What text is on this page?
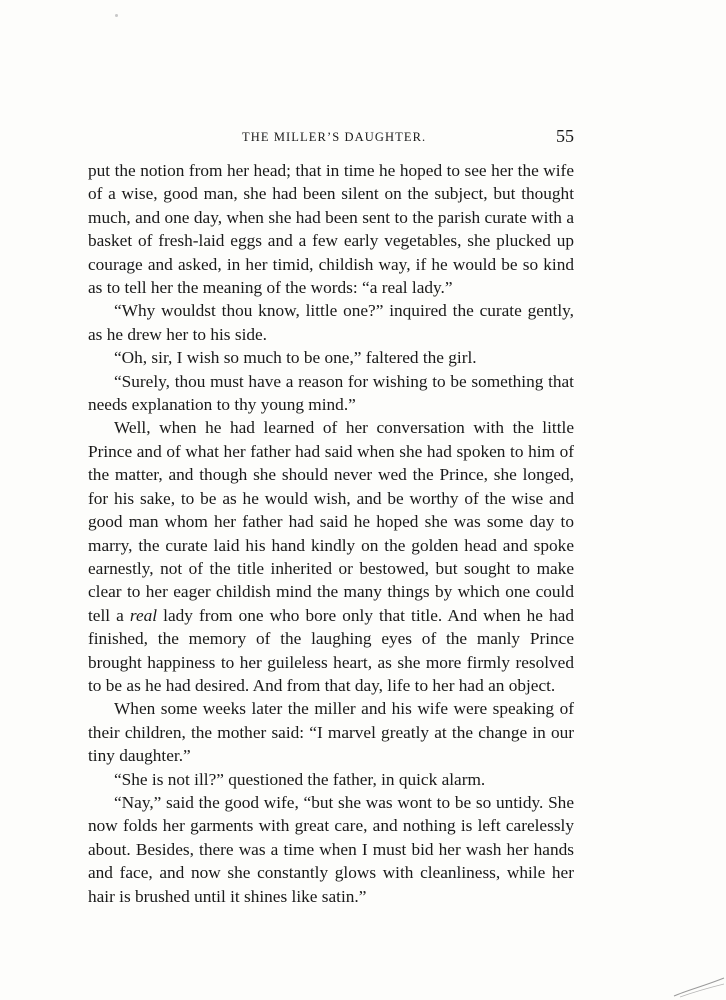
THE MILLER’S DAUGHTER.	55

put the notion from her head; that in time he hoped to see her the wife of a wise, good man, she had been silent on the subject, but thought much, and one day, when she had been sent to the parish curate with a basket of fresh-laid eggs and a few early vegetables, she plucked up courage and asked, in her timid, childish way, if he would be so kind as to tell her the meaning of the words: “a real lady.”

“Why wouldst thou know, little one?” inquired the curate gently, as he drew her to his side.

“Oh, sir, I wish so much to be one,” faltered the girl.

“Surely, thou must have a reason for wishing to be something that needs explanation to thy young mind.”

Well, when he had learned of her conversation with the little Prince and of what her father had said when she had spoken to him of the matter, and though she should never wed the Prince, she longed, for his sake, to be as he would wish, and be worthy of the wise and good man whom her father had said he hoped she was some day to marry, the curate laid his hand kindly on the golden head and spoke earnestly, not of the title inherited or bestowed, but sought to make clear to her eager childish mind the many things by which one could tell a real lady from one who bore only that title. And when he had finished, the memory of the laughing eyes of the manly Prince brought happiness to her guileless heart, as she more firmly resolved to be as he had desired. And from that day, life to her had an object.

When some weeks later the miller and his wife were speaking of their children, the mother said: “I marvel greatly at the change in our tiny daughter.”

“She is not ill?” questioned the father, in quick alarm.

“Nay,” said the good wife, “but she was wont to be so untidy. She now folds her garments with great care, and nothing is left carelessly about. Besides, there was a time when I must bid her wash her hands and face, and now she constantly glows with cleanliness, while her hair is brushed until it shines like satin.”
